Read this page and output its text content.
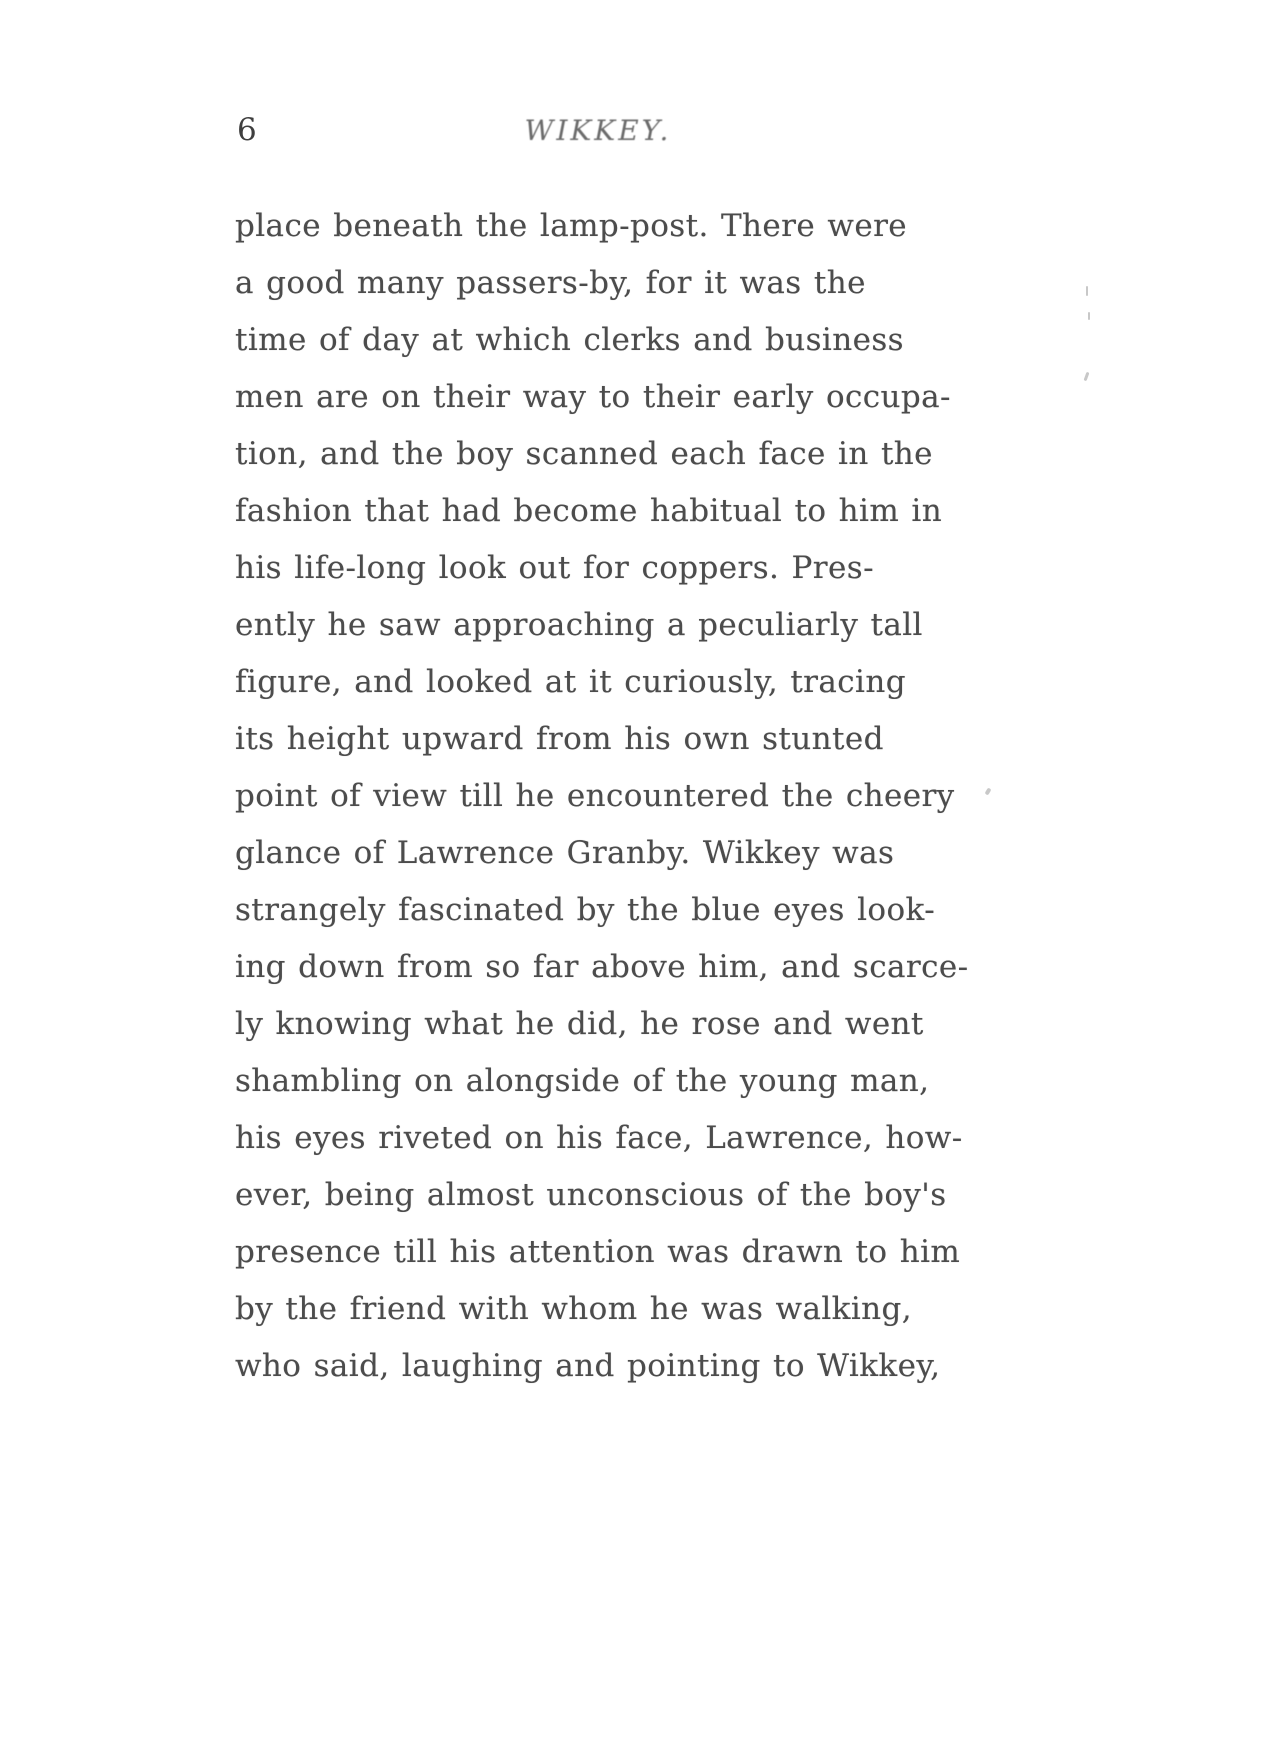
6	WIKKEY.
place beneath the lamp-post. There were
a good many passers-by, for it was the
time of day at which clerks and business
men are on their way to their early occupa-
tion, and the boy scanned each face in the
fashion that had become habitual to him in
his life-long look out for coppers. Pres-
ently he saw approaching a peculiarly tall
figure, and looked at it curiously, tracing
its height upward from his own stunted
point of view till he encountered the cheery
glance of Lawrence Granby. Wikkey was
strangely fascinated by the blue eyes look-
ing down from so far above him, and scarce-
ly knowing what he did, he rose and went
shambling on alongside of the young man,
his eyes riveted on his face, Lawrence, how-
ever, being almost unconscious of the boy's
presence till his attention was drawn to him
by the friend with whom he was walking,
who said, laughing and pointing to Wikkey,
